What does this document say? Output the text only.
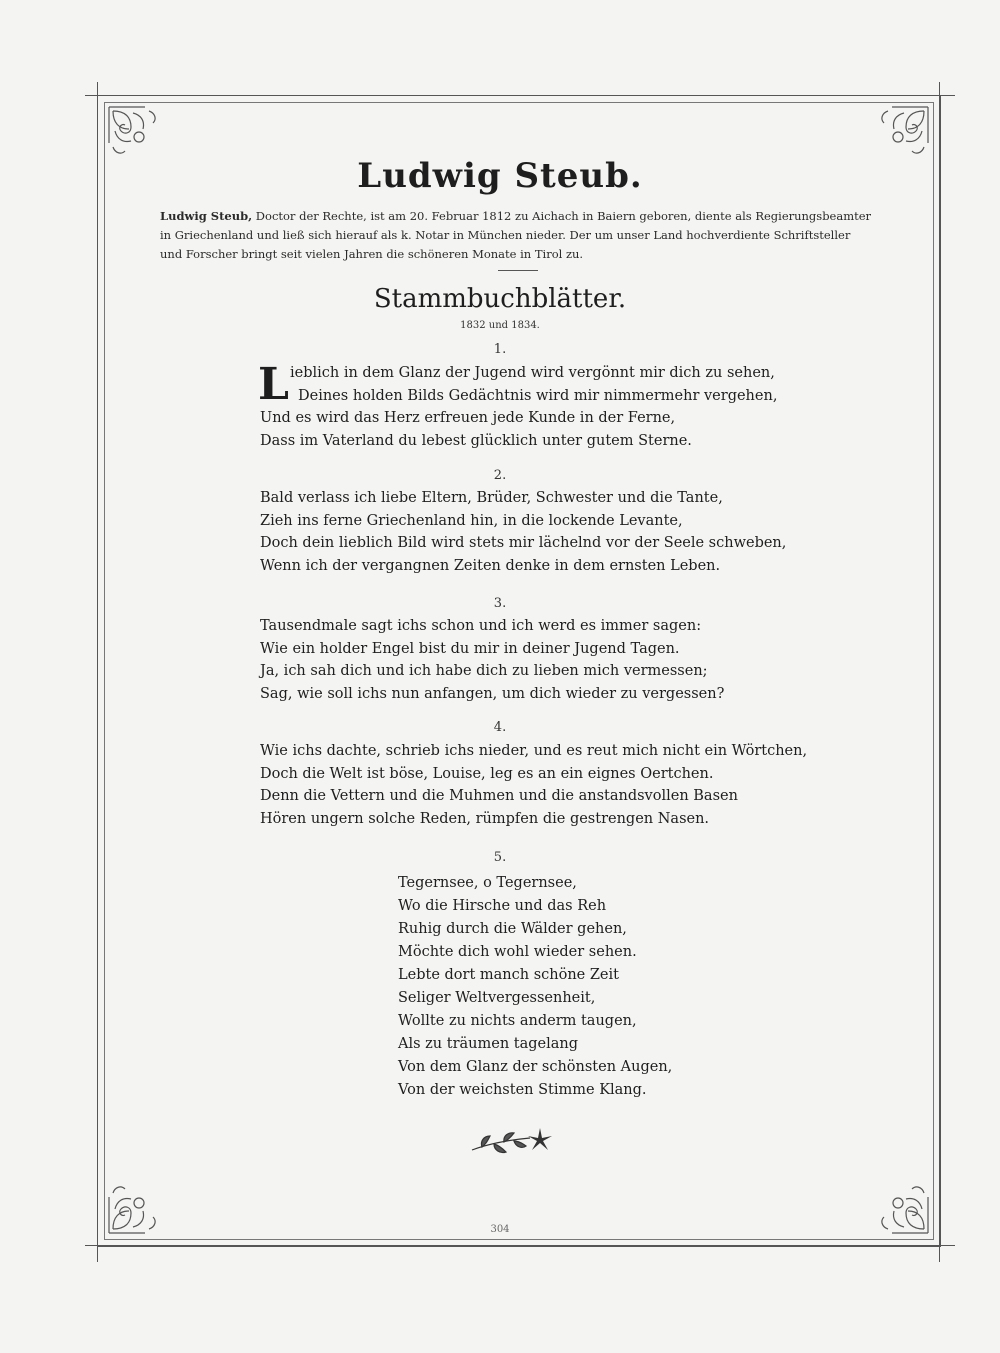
Ludwig Steub.
Ludwig Steub, Doctor der Rechte, ist am 20. Februar 1812 zu Aichach in Baiern geboren, diente als Regierungsbeamter
in Griechenland und ließ sich hierauf als k. Notar in München nieder. Der um unser Land hochverdiente Schriftsteller
und Forscher bringt seit vielen Jahren die schöneren Monate in Tirol zu.
Stammbuchblätter.
1832 und 1834.
1.
L ieblich in dem Glanz der Jugend wird vergönnt mir dich zu sehen,
Deines holden Bilds Gedächtnis wird mir nimmermehr vergehen,
Und es wird das Herz erfreuen jede Kunde in der Ferne,
Dass im Vaterland du lebest glücklich unter gutem Sterne.
2.
Bald verlass ich liebe Eltern, Brüder, Schwester und die Tante,
Zieh ins ferne Griechenland hin, in die lockende Levante,
Doch dein lieblich Bild wird stets mir lächelnd vor der Seele schweben,
Wenn ich der vergangnen Zeiten denke in dem ernsten Leben.
3.
Tausendmale sagt ichs schon und ich werd es immer sagen:
Wie ein holder Engel bist du mir in deiner Jugend Tagen.
Ja, ich sah dich und ich habe dich zu lieben mich vermessen;
Sag, wie soll ichs nun anfangen, um dich wieder zu vergessen?
4.
Wie ichs dachte, schrieb ichs nieder, und es reut mich nicht ein Wörtchen,
Doch die Welt ist böse, Louise, leg es an ein eignes Oertchen.
Denn die Vettern und die Muhmen und die anstandsvollen Basen
Hören ungern solche Reden, rümpfen die gestrengen Nasen.
5.
Tegernsee, o Tegernsee,
Wo die Hirsche und das Reh
Ruhig durch die Wälder gehen,
Möchte dich wohl wieder sehen.
Lebte dort manch schöne Zeit
Seliger Weltvergessenheit,
Wollte zu nichts anderm taugen,
Als zu träumen tagelang
Von dem Glanz der schönsten Augen,
Von der weichsten Stimme Klang.
304
